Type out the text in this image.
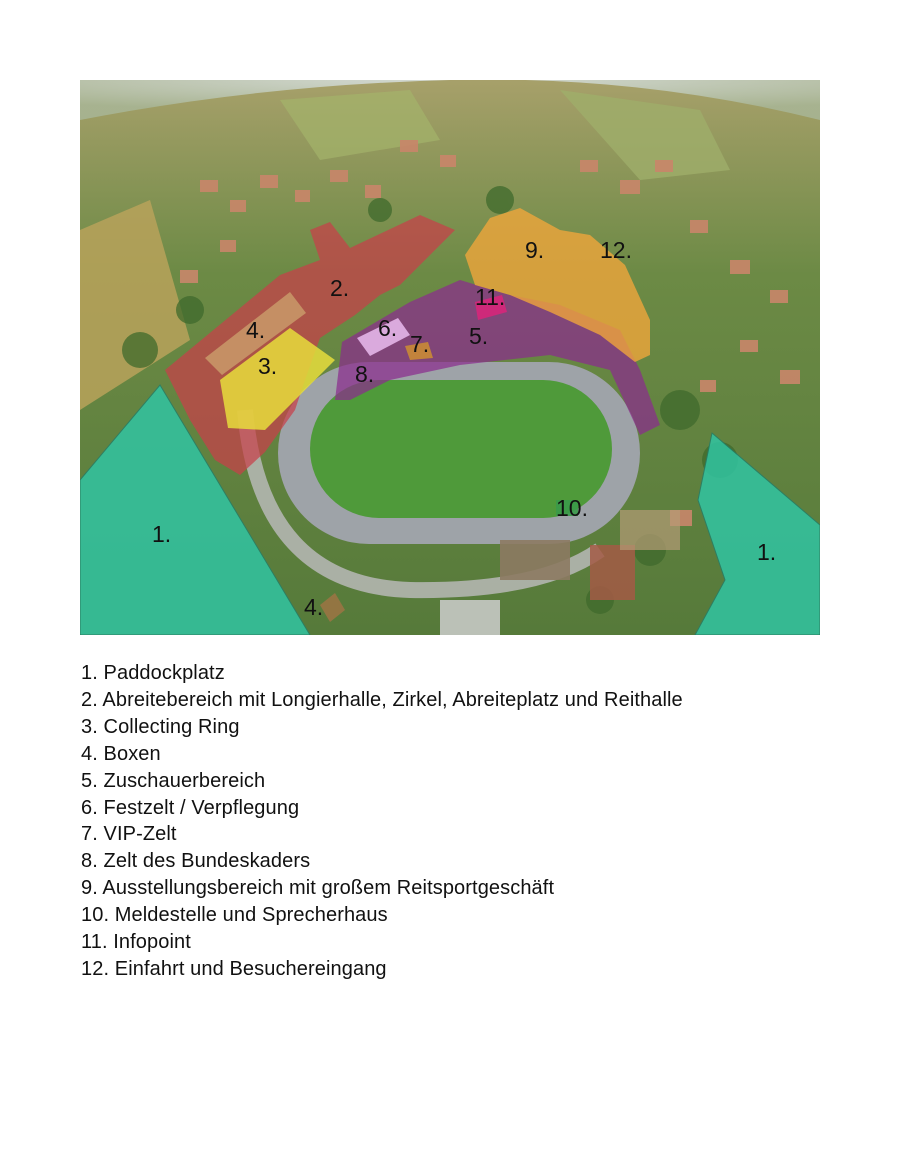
1.
1.
2.
3.
4.
4.
5.
6.
7.
8.
9.
11.
12.
10.
1. Paddockplatz
2. Abreitebereich mit Longierhalle, Zirkel, Abreiteplatz und Reithalle
3. Collecting Ring
4. Boxen
5. Zuschauerbereich
6. Festzelt / Verpflegung
7. VIP-Zelt
8. Zelt des Bundeskaders
9. Ausstellungsbereich mit großem Reitsportgeschäft
10. Meldestelle und Sprecherhaus
11. Infopoint
12. Einfahrt und Besuchereingang
